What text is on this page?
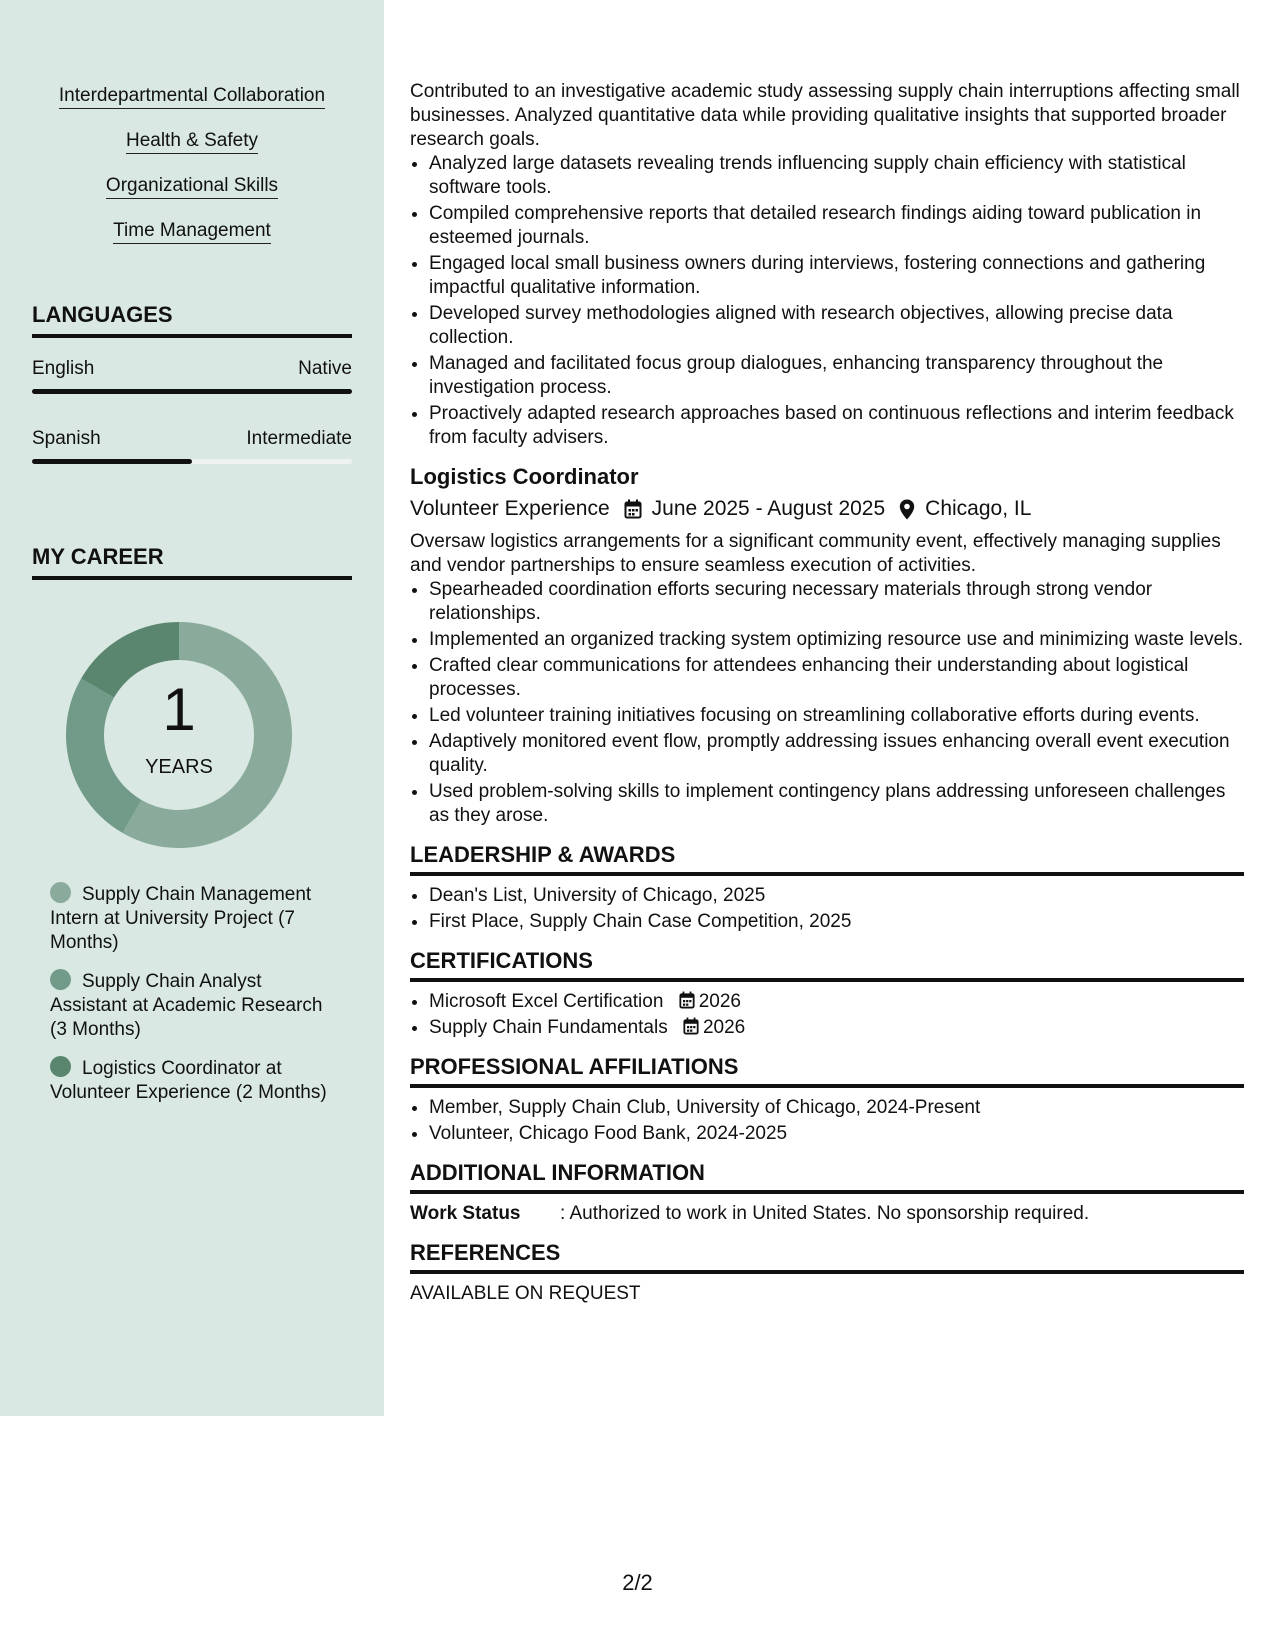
Interdepartmental Collaboration
Health & Safety
Organizational Skills
Time Management
LANGUAGES
English	Native
Spanish	Intermediate
MY CAREER
1
YEARS
Supply Chain Management Intern at University Project (7 Months)
Supply Chain Analyst Assistant at Academic Research (3 Months)
Logistics Coordinator at Volunteer Experience (2 Months)

Contributed to an investigative academic study assessing supply chain interruptions affecting small businesses. Analyzed quantitative data while providing qualitative insights that supported broader research goals.

• Analyzed large datasets revealing trends influencing supply chain efficiency with statistical software tools.
• Compiled comprehensive reports that detailed research findings aiding toward publication in esteemed journals.
• Engaged local small business owners during interviews, fostering connections and gathering impactful qualitative information.
• Developed survey methodologies aligned with research objectives, allowing precise data collection.
• Managed and facilitated focus group dialogues, enhancing transparency throughout the investigation process.
• Proactively adapted research approaches based on continuous reflections and interim feedback from faculty advisers.
Logistics Coordinator
Volunteer Experience June 2025 - August 2025 Chicago, IL

Oversaw logistics arrangements for a significant community event, effectively managing supplies and vendor partnerships to ensure seamless execution of activities.

• Spearheaded coordination efforts securing necessary materials through strong vendor relationships.
• Implemented an organized tracking system optimizing resource use and minimizing waste levels.
• Crafted clear communications for attendees enhancing their understanding about logistical processes.
• Led volunteer training initiatives focusing on streamlining collaborative efforts during events.
• Adaptively monitored event flow, promptly addressing issues enhancing overall event execution quality.
• Used problem-solving skills to implement contingency plans addressing unforeseen challenges as they arose.
LEADERSHIP & AWARDS
• Dean's List, University of Chicago, 2025
• First Place, Supply Chain Case Competition, 2025
CERTIFICATIONS
• Microsoft Excel Certification 2026
• Supply Chain Fundamentals 2026
PROFESSIONAL AFFILIATIONS
• Member, Supply Chain Club, University of Chicago, 2024-Present
• Volunteer, Chicago Food Bank, 2024-2025
ADDITIONAL INFORMATION
Work Status	: Authorized to work in United States. No sponsorship required.
REFERENCES

AVAILABLE ON REQUEST

2/2
